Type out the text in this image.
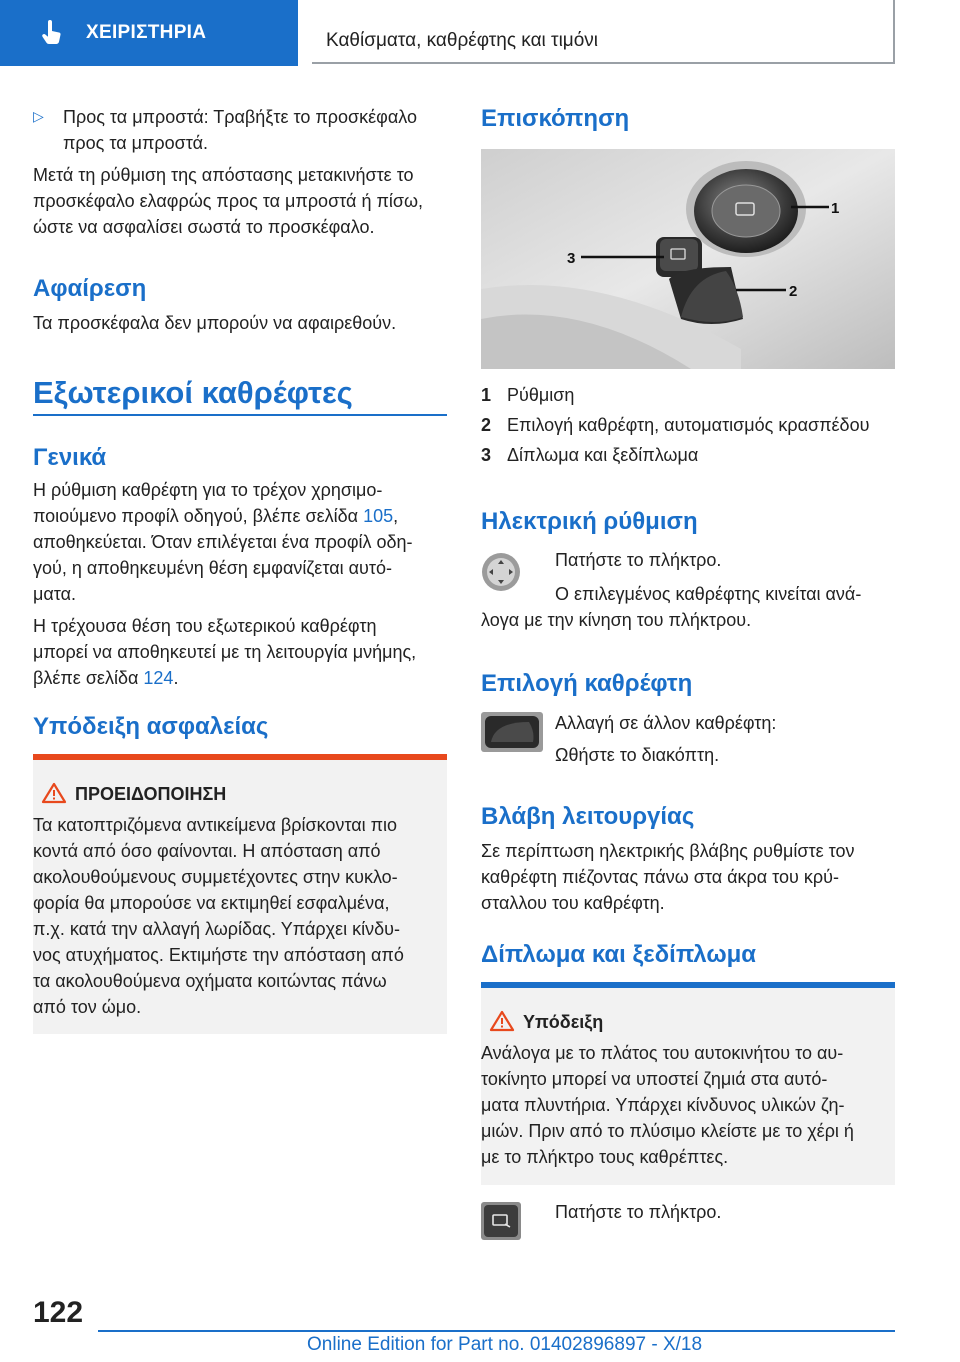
ΧΕΙΡΙΣΤΗΡΙΑ	Καθίσματα, καθρέφτης και τιμόνι
▷	Προς τα μπροστά: Τραβήξτε το προσκέφαλο

προς τα μπροστά.

Μετά τη ρύθμιση της απόστασης μετακινήστε το

προσκέφαλο ελαφρώς προς τα μπροστά ή πίσω,

ώστε να ασφαλίσει σωστά το προσκέφαλο.

Αφαίρεση

Τα προσκέφαλα δεν μπορούν να αφαιρεθούν.

Εξωτερικοί καθρέφτες
Γενικά

Η ρύθμιση καθρέφτη για το τρέχον χρησιμο-

ποιούμενο προφίλ οδηγού, βλέπε σελίδα 105,

αποθηκεύεται. Όταν επιλέγεται ένα προφίλ οδη-

γού, η αποθηκευμένη θέση εμφανίζεται αυτό-

ματα.

Η τρέχουσα θέση του εξωτερικού καθρέφτη

μπορεί να αποθηκευτεί με τη λειτουργία μνήμης,

βλέπε σελίδα 124.

Υπόδειξη ασφαλείας
ΠΡΟΕΙΔΟΠΟΙΗΣΗ

Τα κατοπτριζόμενα αντικείμενα βρίσκονται πιο

κοντά από όσο φαίνονται. Η απόσταση από

ακολουθούμενους συμμετέχοντες στην κυκλο-

φορία θα μπορούσε να εκτιμηθεί εσφαλμένα,

π.χ. κατά την αλλαγή λωρίδας. Υπάρχει κίνδυ-

νος ατυχήματος. Εκτιμήστε την απόσταση από

τα ακολουθούμενα οχήματα κοιτώντας πάνω

από τον ώμο.

Επισκόπηση
1
2
3

1 Ρύθμιση

2 Επιλογή καθρέφτη, αυτοματισμός κρασπέδου

3 Δίπλωμα και ξεδίπλωμα

Ηλεκτρική ρύθμιση

Πατήστε το πλήκτρο.

Ο επιλεγμένος καθρέφτης κινείται ανά-

λογα με την κίνηση του πλήκτρου.

Επιλογή καθρέφτη

Αλλαγή σε άλλον καθρέφτη:

Ωθήστε το διακόπτη.

Βλάβη λειτουργίας

Σε περίπτωση ηλεκτρικής βλάβης ρυθμίστε τον

καθρέφτη πιέζοντας πάνω στα άκρα του κρύ-

σταλλου του καθρέφτη.

Δίπλωμα και ξεδίπλωμα
Υπόδειξη

Ανάλογα με το πλάτος του αυτοκινήτου το αυ-

τοκίνητο μπορεί να υποστεί ζημιά στα αυτό-

ματα πλυντήρια. Υπάρχει κίνδυνος υλικών ζη-

μιών. Πριν από το πλύσιμο κλείστε με το χέρι ή

με το πλήκτρο τους καθρέπτες.

Πατήστε το πλήκτρο.

122
Online Edition for Part no. 01402896897 - X/18
